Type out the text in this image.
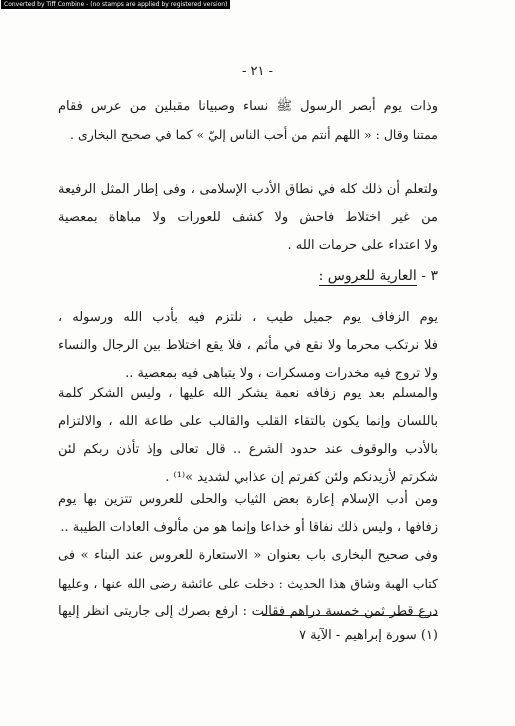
Converted by Tiff Combine - (no stamps are applied by registered version)
- ٢١ -
وذات يوم أبصر الرسول ﷺ نساء وصبيانا مقبلين من عرس فقام
ممتنا وقال : « اللهم أنتم من أحب الناس إليّ » كما في صحيح البخارى .
ولتعلم أن ذلك كله في نطاق الأدب الإسلامى ، وفى إطار المثل الرفيعة
من غير اختلاط فاحش ولا كشف للعورات ولا مباهاة بمعصية
ولا اعتداء على حرمات الله .
٣ - العارية للعروس :
يوم الزفاف يوم جميل طيب ، نلتزم فيه بأدب الله ورسوله ،
فلا نرتكب محرما ولا نقع في مأثم ، فلا يقع اختلاط بين الرجال والنساء
ولا تروج فيه مخدرات ومسكرات ، ولا يتباهى فيه بمعصية ..
والمسلم بعد يوم زفافه نعمة يشكر الله عليها ، وليس الشكر كلمة
باللسان وإنما يكون بالتقاء القلب والقالب على طاعة الله ، والالتزام
بالأدب والوقوف عند حدود الشرع .. قال تعالى وإذ تأذن ربكم لئن
شكرتم لأزيدنكم ولئن كفرتم إن عذابي لشديد »⁽¹⁾ .
ومن أدب الإسلام إعارة بعض الثياب والحلى للعروس تتزين بها يوم
زفافها ، وليس ذلك نفاقا أو خداعا وإنما هو من مألوف العادات الطيبة ..
وفى صحيح البخارى باب بعنوان « الاستعارة للعروس عند البناء » فى
كتاب الهبة وشاق هذا الحديث : دخلت على عائشة رضى الله عنها ، وعليها
درع قطر ثمن خمسة دراهم فقالت : ارفع بصرك إلى جاريتى انظر إليها
(١) سورة إبراهيم - الآية ٧
